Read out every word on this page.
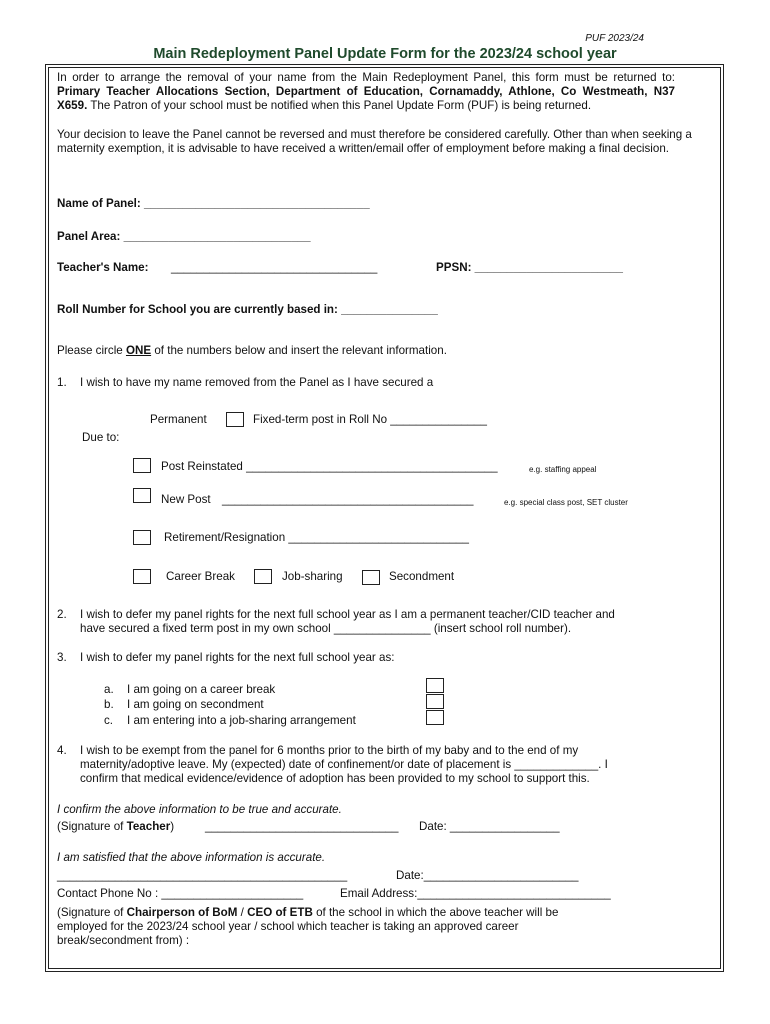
PUF 2023/24
Main Redeployment Panel Update Form for the 2023/24 school year
In order to arrange the removal of your name from the Main Redeployment Panel, this form must be returned to: Primary Teacher Allocations Section, Department of Education, Cornamaddy, Athlone, Co Westmeath, N37 X659. The Patron of your school must be notified when this Panel Update Form (PUF) is being returned.
Your decision to leave the Panel cannot be reversed and must therefore be considered carefully. Other than when seeking a maternity exemption, it is advisable to have received a written/email offer of employment before making a final decision.
Name of Panel: ___________________________________
Panel Area: _____________________________
Teacher's Name: ________________________________	PPSN: _______________________
Roll Number for School you are currently based in: _______________
Please circle ONE of the numbers below and insert the relevant information.
1. I wish to have my name removed from the Panel as I have secured a
Permanent	Fixed-term post in Roll No _______________
Due to:
Post Reinstated _______________________________________	e.g. staffing appeal
New Post _______________________________________	e.g. special class post, SET cluster
Retirement/Resignation ____________________________
Career Break	Job-sharing	Secondment
2. I wish to defer my panel rights for the next full school year as I am a permanent teacher/CID teacher and
have secured a fixed term post in my own school _______________ (insert school roll number).
3. I wish to defer my panel rights for the next full school year as:
a. I am going on a career break
b. I am going on secondment
c. I am entering into a job-sharing arrangement
4. I wish to be exempt from the panel for 6 months prior to the birth of my baby and to the end of my
maternity/adoptive leave. My (expected) date of confinement/or date of placement is _____________. I
confirm that medical evidence/evidence of adoption has been provided to my school to support this.
I confirm the above information to be true and accurate.
(Signature of Teacher)	______________________________ Date: _________________
I am satisfied that the above information is accurate.
_____________________________________________	Date:________________________
Contact Phone No : ______________________	Email Address:______________________________
(Signature of Chairperson of BoM / CEO of ETB of the school in which the above teacher will be
employed for the 2023/24 school year / school which teacher is taking an approved career
break/secondment from) :
